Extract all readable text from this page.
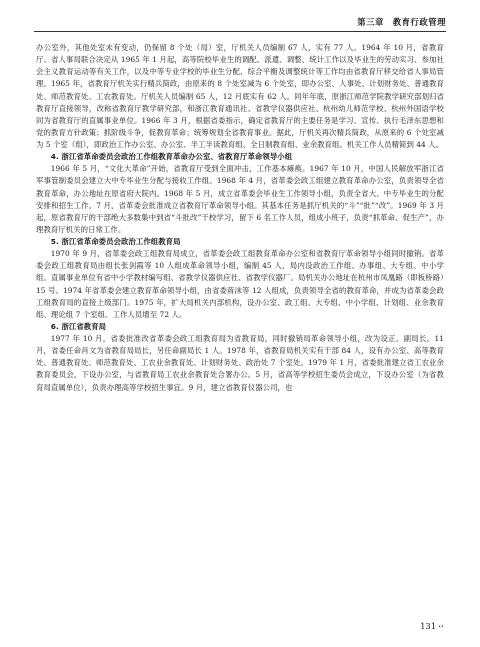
第三章　教育行政管理

办公室外，其他处室未有变动，仍保留 8 个处（局）室，厅机关人员编制 67 人，实有 77 人。1964 年 10 月，省教育厅、省人事局联合决定从 1965 年 1 月起，高等院校毕业生的调配、派遣、调整、统计工作以及毕业生的劳动实习、参加社会主义教育运动等有关工作，以及中等专业学校的毕业生分配、综合平衡及调整统计等工作均由省教育厅移交给省人事局管理。1965 年，省教育厅机关实行精兵简政，由原来的 8 个处室减为 6 个处室，即办公室、人事处、计划财务处、普通教育处、师范教育处、工农教育处。厅机关人员编制 65 人，12 月底实有 62 人。同年年底，原浙江师范学院教学研究部划归省教育厅直接领导，改称省教育厅教学研究部，和浙江教育通讯社、省教学仪器供应社、杭州幼儿师范学校、杭州外国语学校同为省教育厅的直属事业单位。1966 年 3 月，根据省委指示，确定省教育厅的主要任务是学习、宣传、执行毛泽东思想和党的教育方针政策；抓阶级斗争，促教育革命；统筹规划全省教育事业。据此，厅机关再次精兵简政，从原来的 6 个处室减为 5 个室（组），即政治工作办公室、办公室、半工半读教育组、全日制教育组、业余教育组。机关工作人员精简到 44 人。

4. 浙江省革命委员会政治工作组教育革命办公室、省教育厅革命领导小组

1966 年 5 月，“文化大革命”开始，省教育厅受到全面冲击，工作基本瘫痪。1967 年 10 月，中国人民解放军浙江省军事管制委员会建立大中专毕业生分配与接收工作组。1968 年 4 月，省革委会政工组建立教育革命办公室，负责领导全省教育革命，办公地址在原省府大院内。1968 年 5 月，成立省革委会毕业生工作领导小组，负责全省大、中专毕业生的分配安排和招生工作。7 月，省革委会批准成立省教育厅革命领导小组。其基本任务是抓厅机关的“斗”“批”“改”。1969 年 3 月起，原省教育厅的干部绝大多数集中到省“斗批改”干校学习，留下 6 名工作人员，组成小班子，负责“抓革命、促生产”，办理教育厅机关的日常工作。

5. 浙江省革命委员会政治工作组教育局

1970 年 9 月，省革委会政工组教育局成立，省革委会政工组教育革命办公室和省教育厅革命领导小组同时撤销。省革委会政工组教育局由组长张剑霞等 10 人组成革命领导小组，编制 45 人，局内设政治工作组、办事组、大专组、中小学组。直属事业单位有省中小学教材编写组、省教学仪器供应社、省教学仪器厂。局机关办公地址在杭州市凤凰路（即板桥路）15 号。1974 年省革委会建立教育革命领导小组，由省委蒋沫等 12 人组成，负责领导全省的教育革命，并成为省革委会政工组教育局的直接上级部门。1975 年，扩大局机关内部机构，设办公室、政工组、大专组、中小学组、计划组、业余教育组、理论组 7 个室组。工作人员增至 72 人。

6. 浙江省教育局

1977 年 10 月，省委批准改省革委会政工组教育局为省教育局，同时撤销局革命领导小组，改为设正、副局长。11 月，省委任命肖文为省教育局局长，另任命副局长 1 人。1978 年，省教育局机关实有干部 84 人，设有办公室、高等教育处、普通教育处、师范教育处、工农业余教育处、计划财务处、政治处 7 个室处。1979 年 1 月，省委批准建立省工农业余教育委员会，下设办公室，与省教育局工农业余教育处合署办公。5 月，省高等学校招生委员会成立，下设办公室（为省教育局直属单位），负责办理高等学校招生事宜。9 月，建立省教育仪器公司，也

131 ••
